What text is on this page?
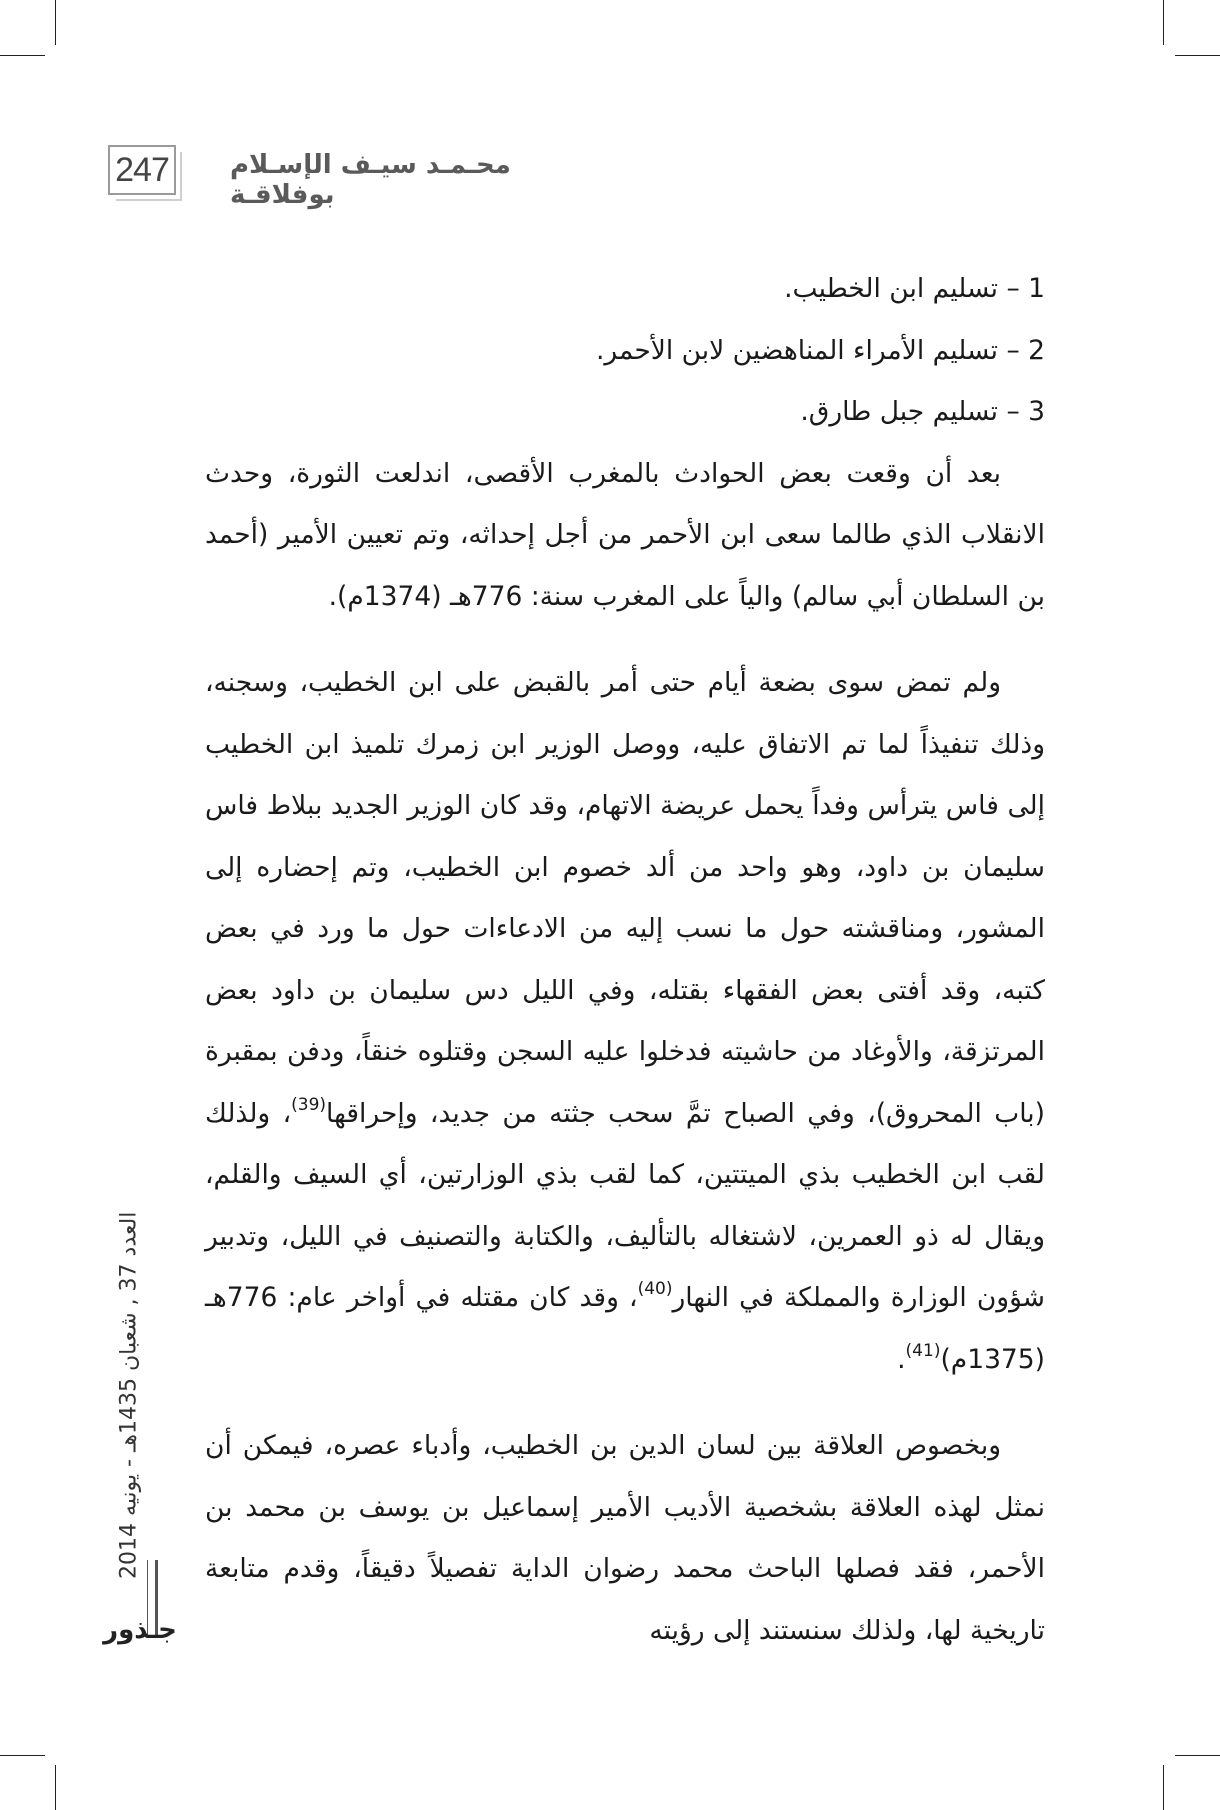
247 محـمـد سيـف الإسـلام بوفلاقـة

1 – تسليم ابن الخطيب.

2 – تسليم الأمراء المناهضين لابن الأحمر.

3 – تسليم جبل طارق.

بعد أن وقعت بعض الحوادث بالمغرب الأقصى، اندلعت الثورة، وحدث الانقلاب الذي طالما سعى ابن الأحمر من أجل إحداثه، وتم تعيين الأمير (أحمد بن السلطان أبي سالم) والياً على المغرب سنة: 776هـ (1374م).

ولم تمض سوى بضعة أيام حتى أمر بالقبض على ابن الخطيب، وسجنه، وذلك تنفيذاً لما تم الاتفاق عليه، ووصل الوزير ابن زمرك تلميذ ابن الخطيب إلى فاس يترأس وفداً يحمل عريضة الاتهام، وقد كان الوزير الجديد ببلاط فاس سليمان بن داود، وهو واحد من ألد خصوم ابن الخطيب، وتم إحضاره إلى المشور، ومناقشته حول ما نسب إليه من الادعاءات حول ما ورد في بعض كتبه، وقد أفتى بعض الفقهاء بقتله، وفي الليل دس سليمان بن داود بعض المرتزقة، والأوغاد من حاشيته فدخلوا عليه السجن وقتلوه خنقاً، ودفن بمقبرة (باب المحروق)، وفي الصباح تمَّ سحب جثته من جديد، وإحراقها$^{(39)}$، ولذلك لقب ابن الخطيب بذي الميتتين، كما لقب بذي الوزارتين، أي السيف والقلم، ويقال له ذو العمرين، لاشتغاله بالتأليف، والكتابة والتصنيف في الليل، وتدبير شؤون الوزارة والمملكة في النهار$^{(40)}$، وقد كان مقتله في أواخر عام: 776هـ (1375م)$^{(41)}$.

وبخصوص العلاقة بين لسان الدين بن الخطيب، وأدباء عصره، فيمكن أن نمثل لهذه العلاقة بشخصية الأديب الأمير إسماعيل بن يوسف بن محمد بن الأحمر، فقد فصلها الباحث محمد رضوان الداية تفصيلاً دقيقاً، وقدم متابعة تاريخية لها، ولذلك سنستند إلى رؤيته

العدد 37 , شعبان 1435هـ - يونيه 2014
جـذور
